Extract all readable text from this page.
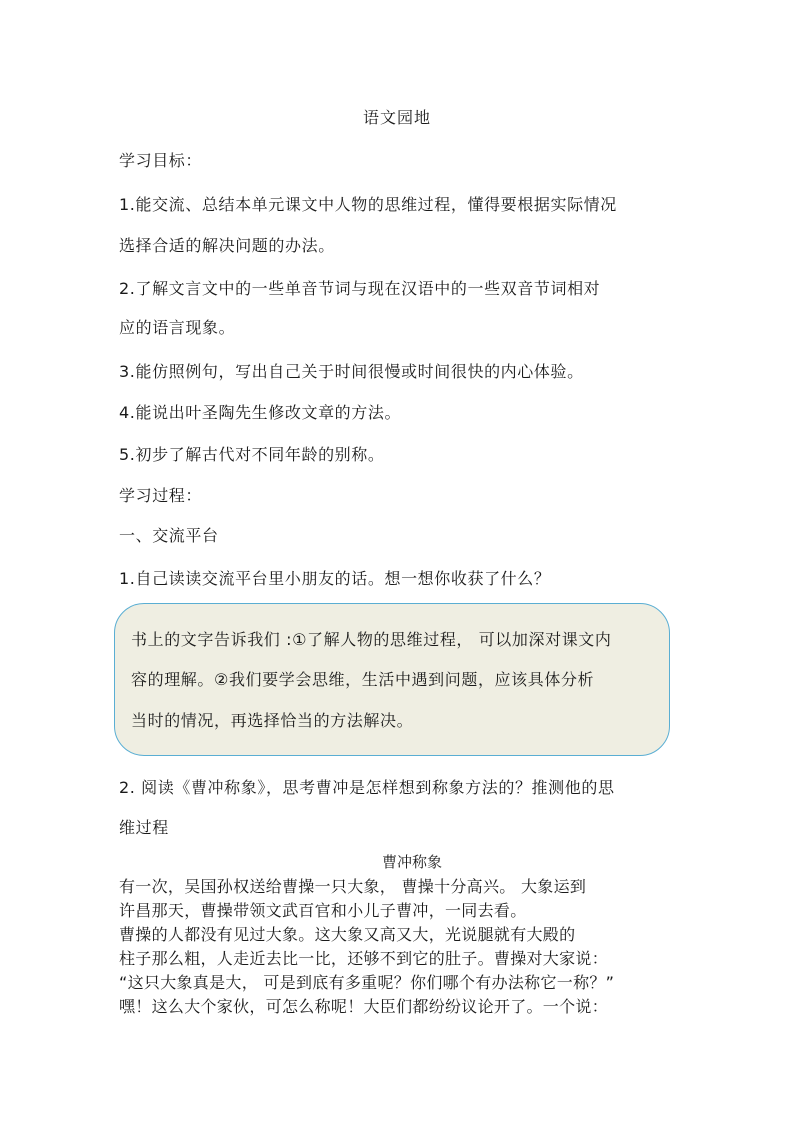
语文园地
学习目标：
1.能交流、总结本单元课文中人物的思维过程，懂得要根据实际情况
选择合适的解决问题的办法。
2.了解文言文中的一些单音节词与现在汉语中的一些双音节词相对
应的语言现象。
3.能仿照例句，写出自己关于时间很慢或时间很快的内心体验。
4.能说出叶圣陶先生修改文章的方法。
5.初步了解古代对不同年龄的别称。
学习过程：
一、交流平台
1.自己读读交流平台里小朋友的话。想一想你收获了什么？
书上的文字告诉我们 :①了解人物的思维过程， 可以加深对课文内
容的理解。②我们要学会思维，生活中遇到问题，应该具体分析
当时的情况，再选择恰当的方法解决。
2. 阅读《曹冲称象》，思考曹冲是怎样想到称象方法的？推测他的思
维过程
曹冲称象
有一次，吴国孙权送给曹操一只大象， 曹操十分高兴。 大象运到
许昌那天，曹操带领文武百官和小儿子曹冲，一同去看。
曹操的人都没有见过大象。这大象又高又大，光说腿就有大殿的
柱子那么粗，人走近去比一比，还够不到它的肚子。曹操对大家说：
“这只大象真是大， 可是到底有多重呢？你们哪个有办法称它一称？”
嘿！这么大个家伙，可怎么称呢！大臣们都纷纷议论开了。一个说：
